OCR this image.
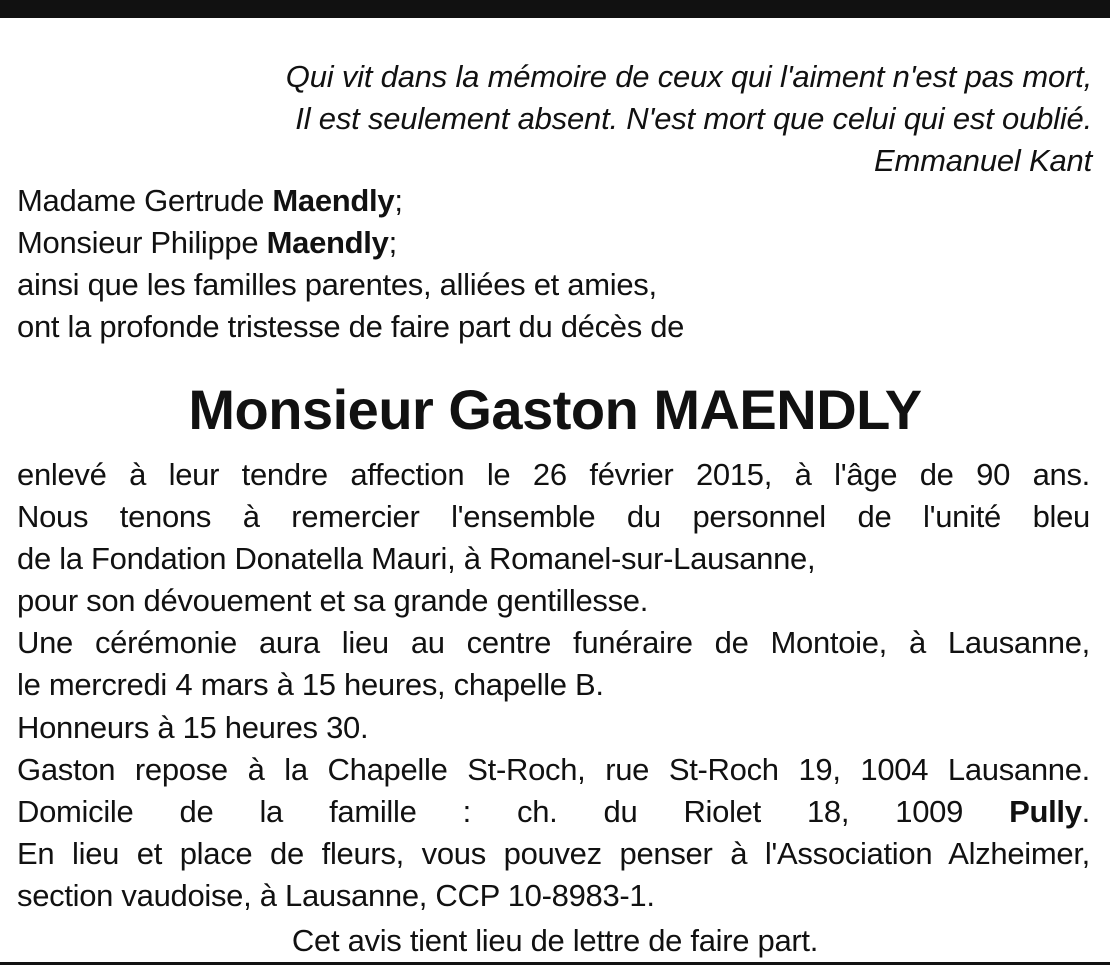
Qui vit dans la mémoire de ceux qui l'aiment n'est pas mort,
Il est seulement absent. N'est mort que celui qui est oublié.
Emmanuel Kant
Madame Gertrude Maendly;
Monsieur Philippe Maendly;
ainsi que les familles parentes, alliées et amies,
ont la profonde tristesse de faire part du décès de
Monsieur Gaston MAENDLY
enlevé à leur tendre affection le 26 février 2015, à l'âge de 90 ans.
Nous tenons à remercier l'ensemble du personnel de l'unité bleu
de la Fondation Donatella Mauri, à Romanel-sur-Lausanne,
pour son dévouement et sa grande gentillesse.
Une cérémonie aura lieu au centre funéraire de Montoie, à Lausanne,
le mercredi 4 mars à 15 heures, chapelle B.
Honneurs à 15 heures 30.
Gaston repose à la Chapelle St-Roch, rue St-Roch 19, 1004 Lausanne.
Domicile de la famille : ch. du Riolet 18, 1009 Pully.
En lieu et place de fleurs, vous pouvez penser à l'Association Alzheimer,
section vaudoise, à Lausanne, CCP 10-8983-1.
Cet avis tient lieu de lettre de faire part.
